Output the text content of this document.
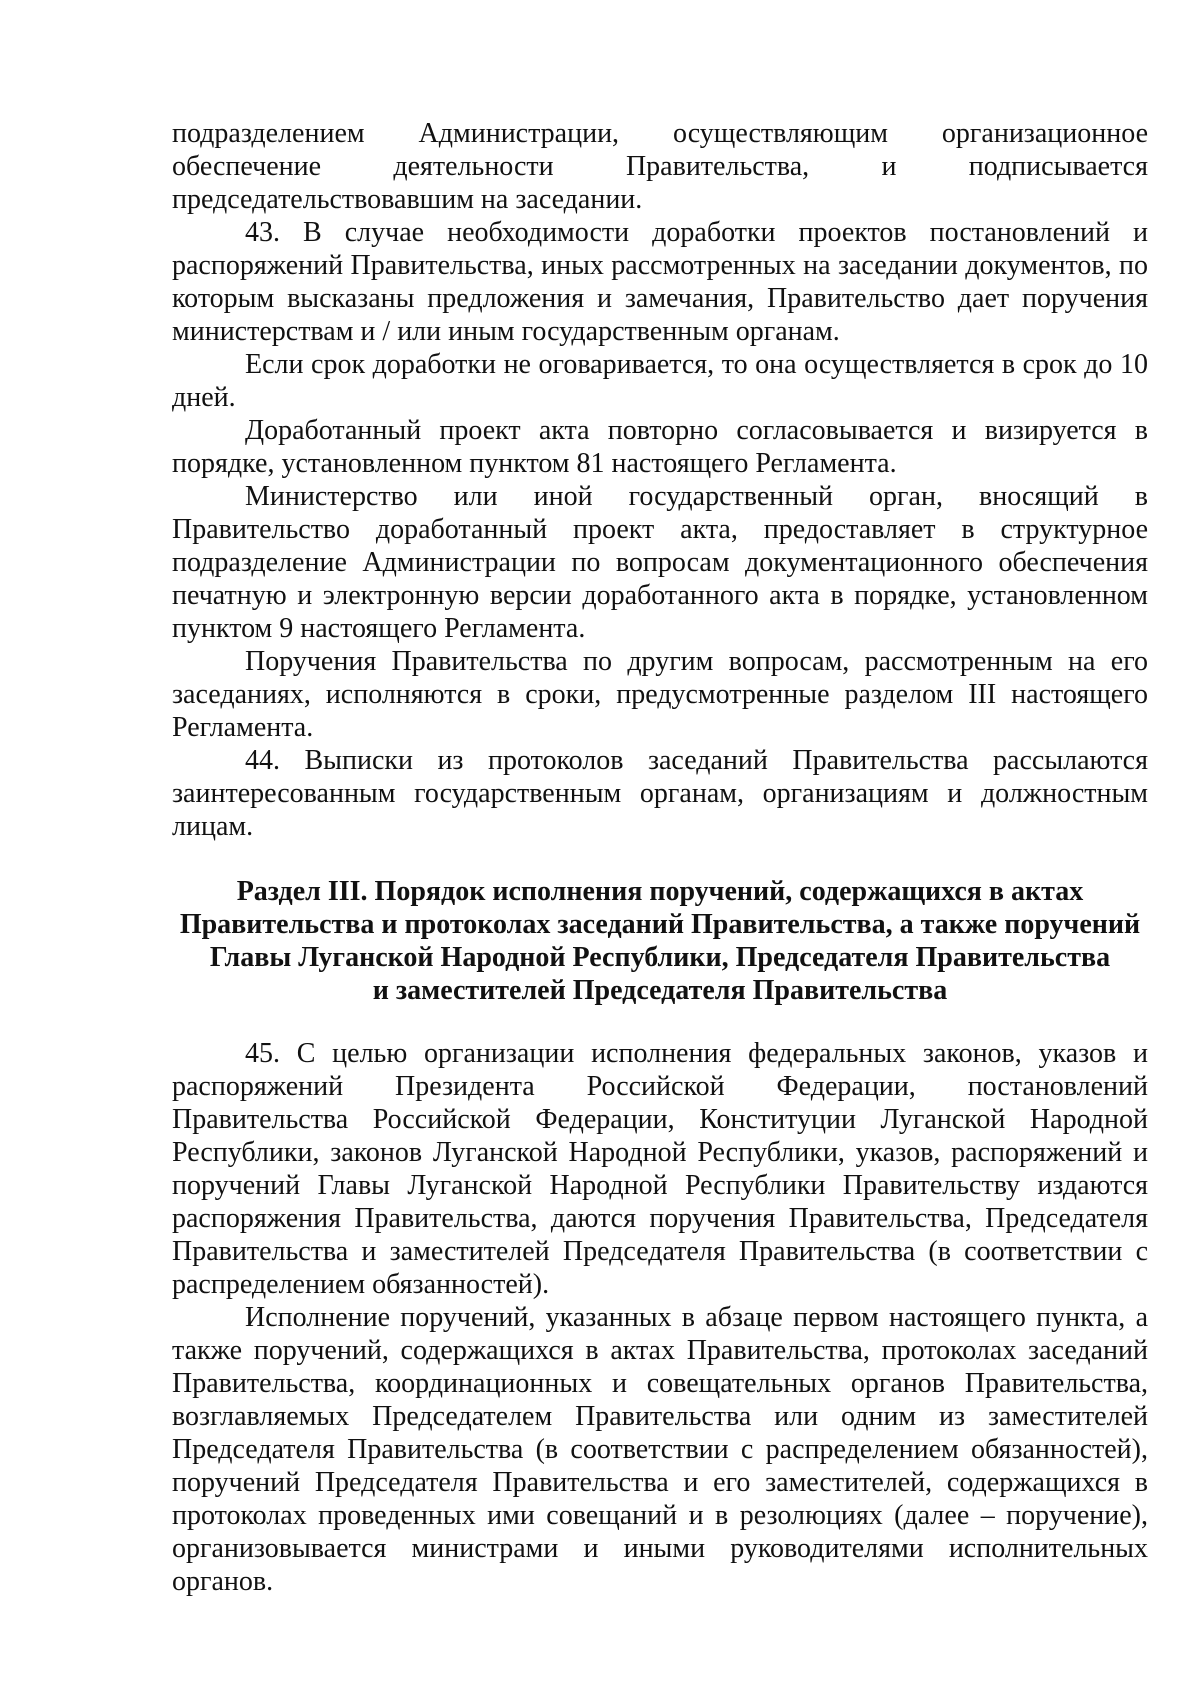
подразделением Администрации, осуществляющим организационное обеспечение деятельности Правительства, и подписывается председательствовавшим на заседании.

43. В случае необходимости доработки проектов постановлений и распоряжений Правительства, иных рассмотренных на заседании документов, по которым высказаны предложения и замечания, Правительство дает поручения министерствам и / или иным государственным органам.

Если срок доработки не оговаривается, то она осуществляется в срок до 10 дней.

Доработанный проект акта повторно согласовывается и визируется в порядке, установленном пунктом 81 настоящего Регламента.

Министерство или иной государственный орган, вносящий в Правительство доработанный проект акта, предоставляет в структурное подразделение Администрации по вопросам документационного обеспечения печатную и электронную версии доработанного акта в порядке, установленном пунктом 9 настоящего Регламента.

Поручения Правительства по другим вопросам, рассмотренным на его заседаниях, исполняются в сроки, предусмотренные разделом III настоящего Регламента.

44. Выписки из протоколов заседаний Правительства рассылаются заинтересованным государственным органам, организациям и должностным лицам.

Раздел III. Порядок исполнения поручений, содержащихся в актах
Правительства и протоколах заседаний Правительства, а также поручений
Главы Луганской Народной Республики, Председателя Правительства
и заместителей Председателя Правительства

45. С целью организации исполнения федеральных законов, указов и распоряжений Президента Российской Федерации, постановлений Правительства Российской Федерации, Конституции Луганской Народной Республики, законов Луганской Народной Республики, указов, распоряжений и поручений Главы Луганской Народной Республики Правительству издаются распоряжения Правительства, даются поручения Правительства, Председателя Правительства и заместителей Председателя Правительства (в соответствии с распределением обязанностей).

Исполнение поручений, указанных в абзаце первом настоящего пункта, а также поручений, содержащихся в актах Правительства, протоколах заседаний Правительства, координационных и совещательных органов Правительства, возглавляемых Председателем Правительства или одним из заместителей Председателя Правительства (в соответствии с распределением обязанностей), поручений Председателя Правительства и его заместителей, содержащихся в протоколах проведенных ими совещаний и в резолюциях (далее – поручение), организовывается министрами и иными руководителями исполнительных органов.
